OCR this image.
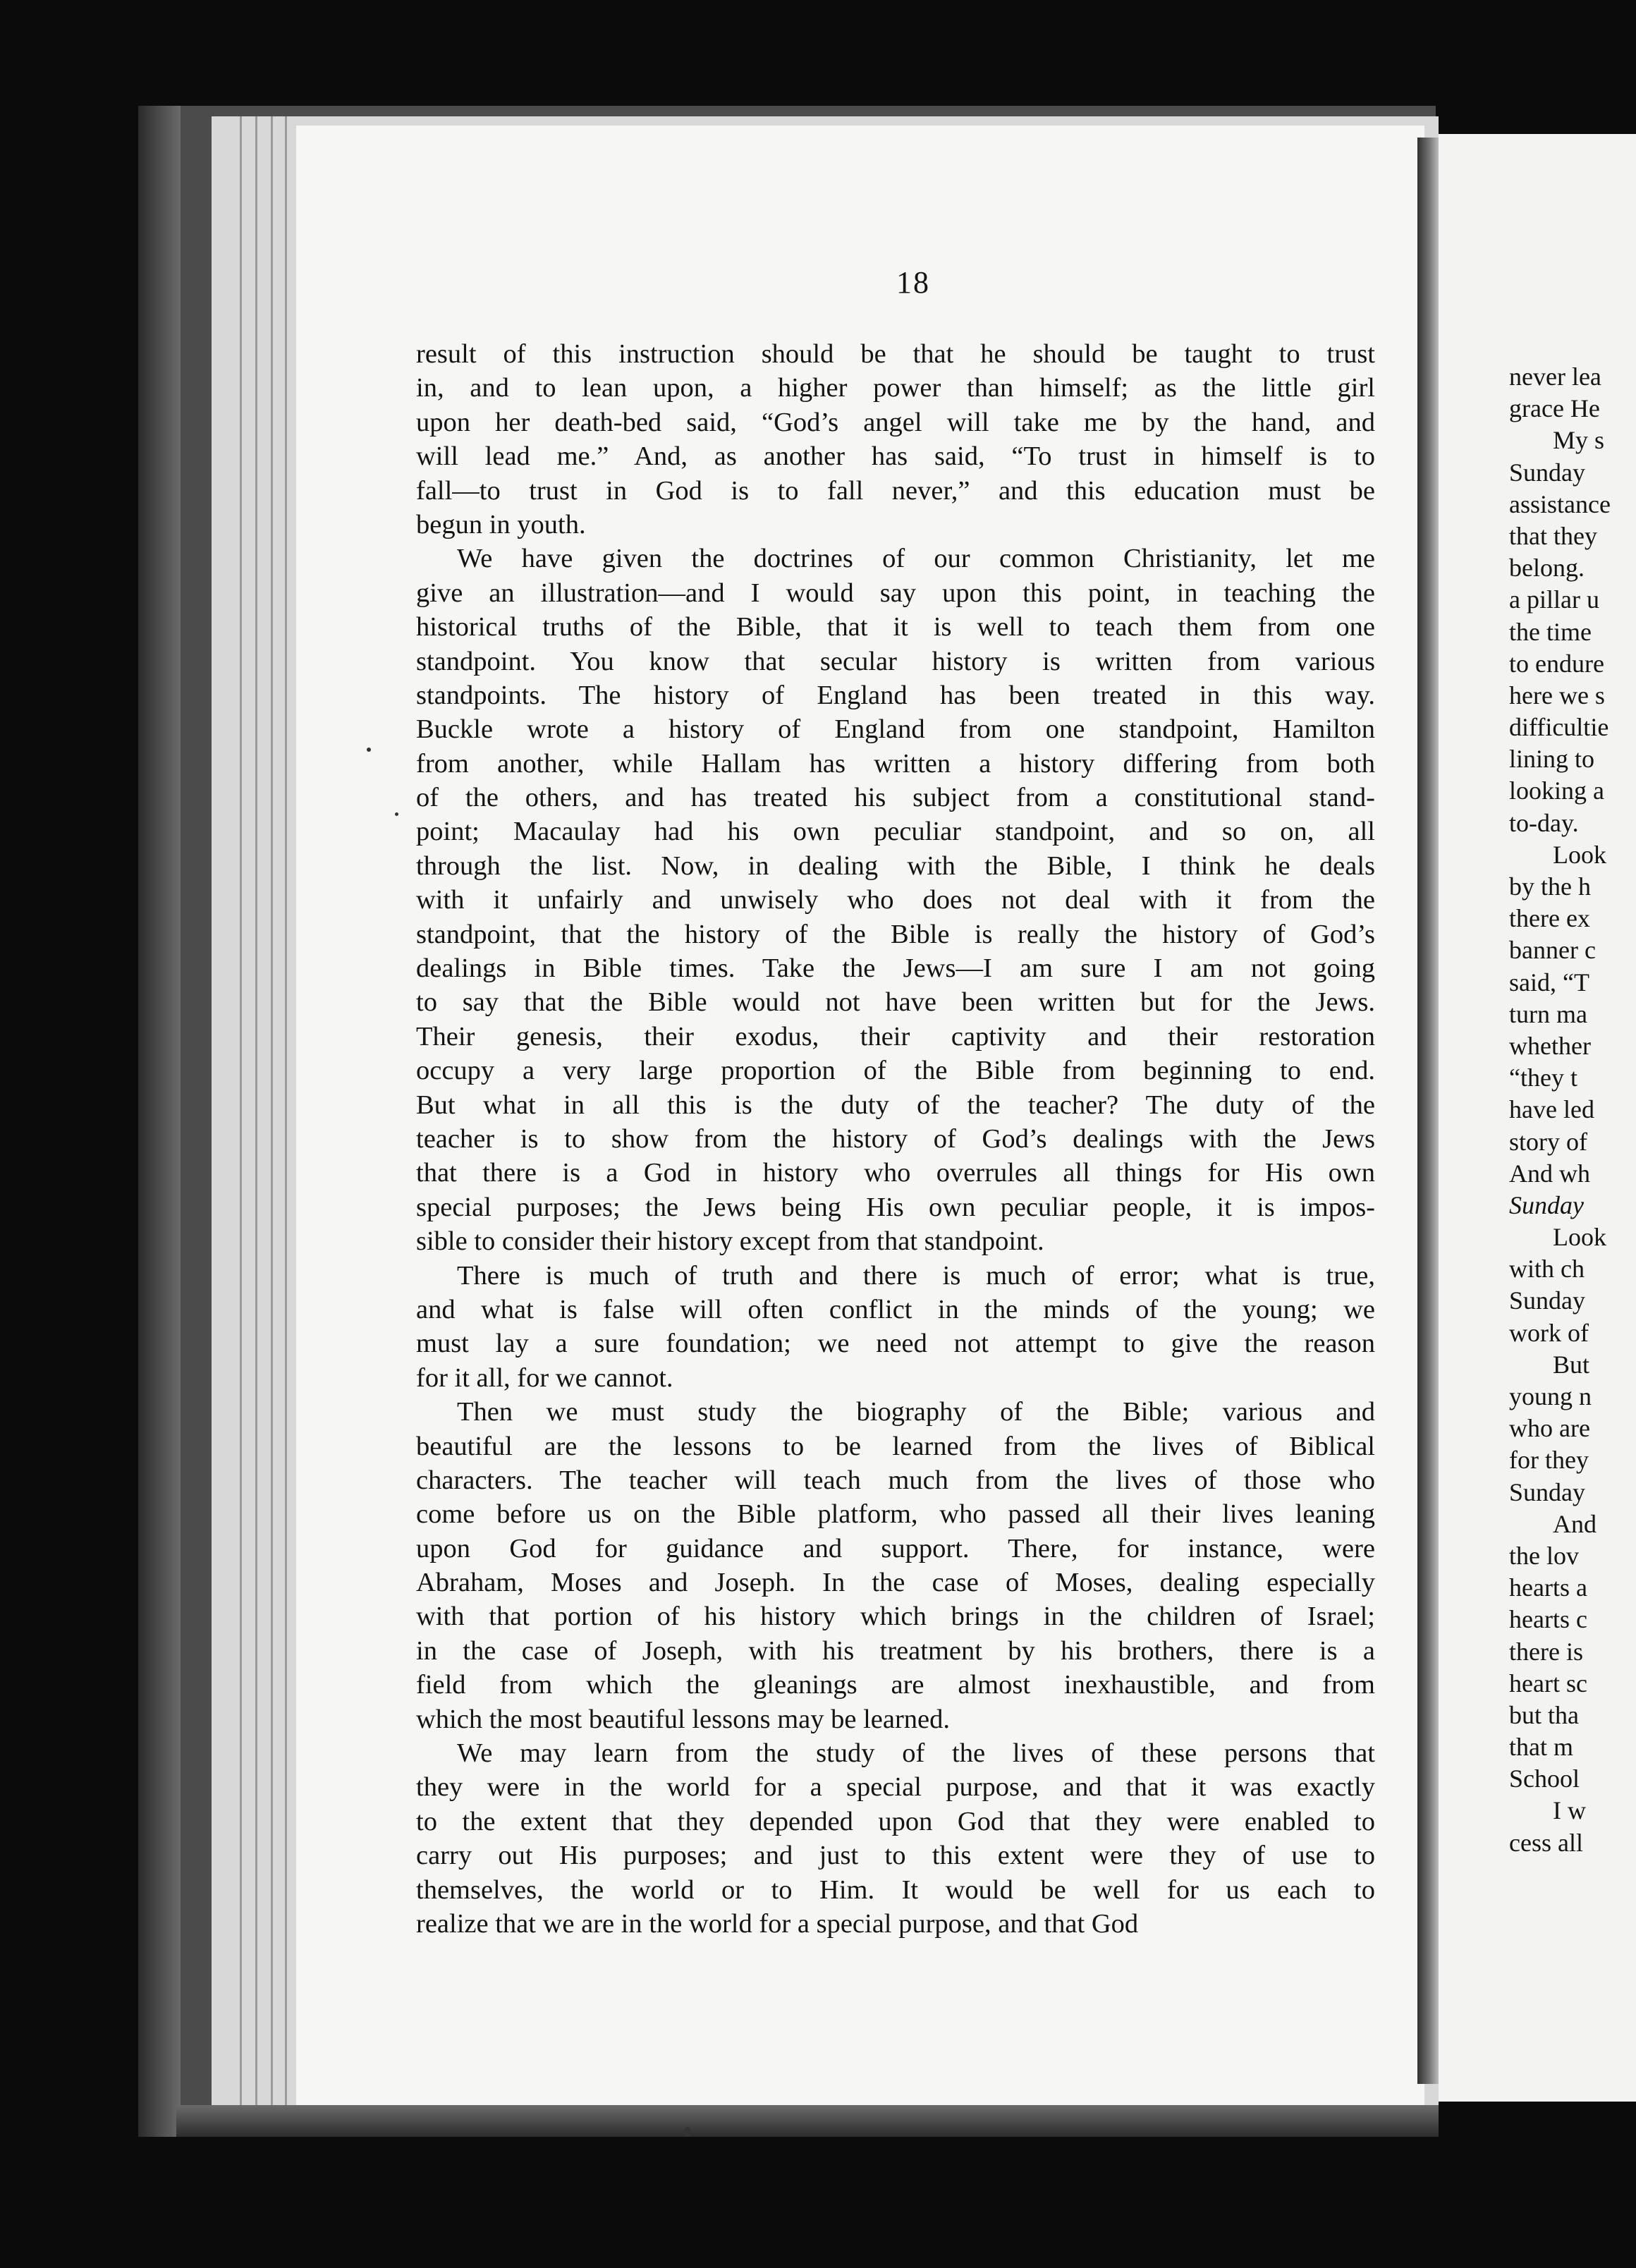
18

result of this instruction should be that he should be taught to trust
in, and to lean upon, a higher power than himself; as the little girl
upon her death-bed said, “God’s angel will take me by the hand, and
will lead me.” And, as another has said, “To trust in himself is to
fall—to trust in God is to fall never,” and this education must be
begun in youth.

We have given the doctrines of our common Christianity, let me
give an illustration—and I would say upon this point, in teaching the
historical truths of the Bible, that it is well to teach them from one
standpoint. You know that secular history is written from various
standpoints. The history of England has been treated in this way.
Buckle wrote a history of England from one standpoint, Hamilton
from another, while Hallam has written a history differing from both
of the others, and has treated his subject from a constitutional stand-
point; Macaulay had his own peculiar standpoint, and so on, all
through the list. Now, in dealing with the Bible, I think he deals
with it unfairly and unwisely who does not deal with it from the
standpoint, that the history of the Bible is really the history of God’s
dealings in Bible times. Take the Jews—I am sure I am not going
to say that the Bible would not have been written but for the Jews.
Their genesis, their exodus, their captivity and their restoration
occupy a very large proportion of the Bible from beginning to end.
But what in all this is the duty of the teacher? The duty of the
teacher is to show from the history of God’s dealings with the Jews
that there is a God in history who overrules all things for His own
special purposes; the Jews being His own peculiar people, it is impos-
sible to consider their history except from that standpoint.

There is much of truth and there is much of error; what is true,
and what is false will often conflict in the minds of the young; we
must lay a sure foundation; we need not attempt to give the reason
for it all, for we cannot.

Then we must study the biography of the Bible; various and
beautiful are the lessons to be learned from the lives of Biblical
characters. The teacher will teach much from the lives of those who
come before us on the Bible platform, who passed all their lives leaning
upon God for guidance and support. There, for instance, were
Abraham, Moses and Joseph. In the case of Moses, dealing especially
with that portion of his history which brings in the children of Israel;
in the case of Joseph, with his treatment by his brothers, there is a
field from which the gleanings are almost inexhaustible, and from
which the most beautiful lessons may be learned.

We may learn from the study of the lives of these persons that
they were in the world for a special purpose, and that it was exactly
to the extent that they depended upon God that they were enabled to
carry out His purposes; and just to this extent were they of use to
themselves, the world or to Him. It would be well for us each to
realize that we are in the world for a special purpose, and that God

never lea
grace He
My s
Sunday
assistance
that they
belong.
a pillar u
the time
to endure
here we s
difficultie
lining to
looking a
to-day.
Look
by the h
there ex
banner c
said, “T
turn ma
whether
“they t
have led
story of
And wh
Sunday
Look
with ch
Sunday
work of
But
young n
who are
for they
Sunday
And
the lov
hearts a
hearts c
there is
heart sc
but tha
that m
School
I w
cess all
